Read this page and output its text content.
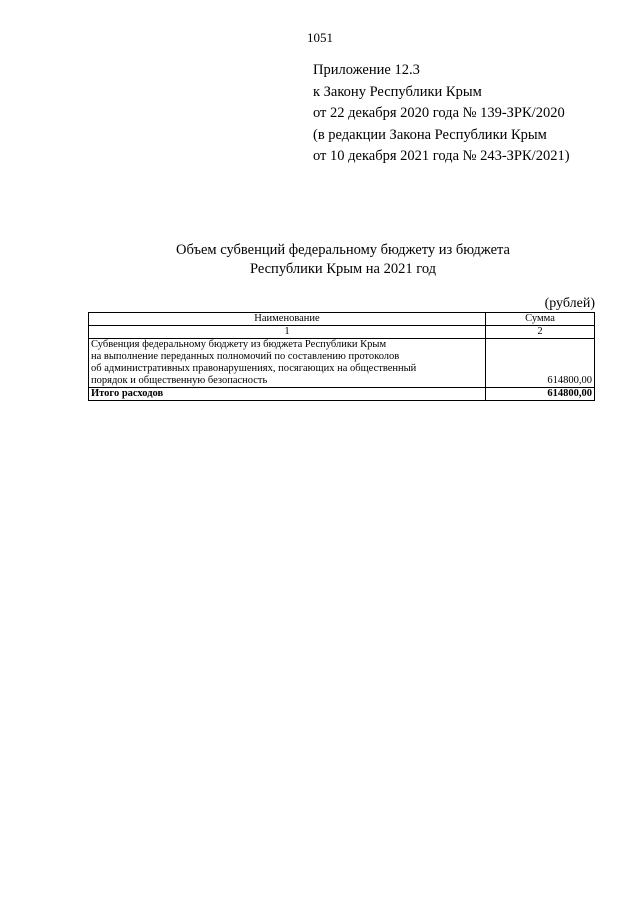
1051
Приложение 12.3
к Закону Республики Крым
от 22 декабря 2020 года № 139-ЗРК/2020
(в редакции Закона Республики Крым
от 10 декабря 2021 года № 243-ЗРК/2021)
Объем субвенций федеральному бюджету из бюджета
Республики Крым на 2021 год
(рублей)
Наименование	Сумма
1	2

Субвенция федеральному бюджету из бюджета Республики Крым
на выполнение переданных полномочий по составлению протоколов
об административных правонарушениях, посягающих на общественный
порядок и общественную безопасность	614800,00
Итого расходов	614800,00
